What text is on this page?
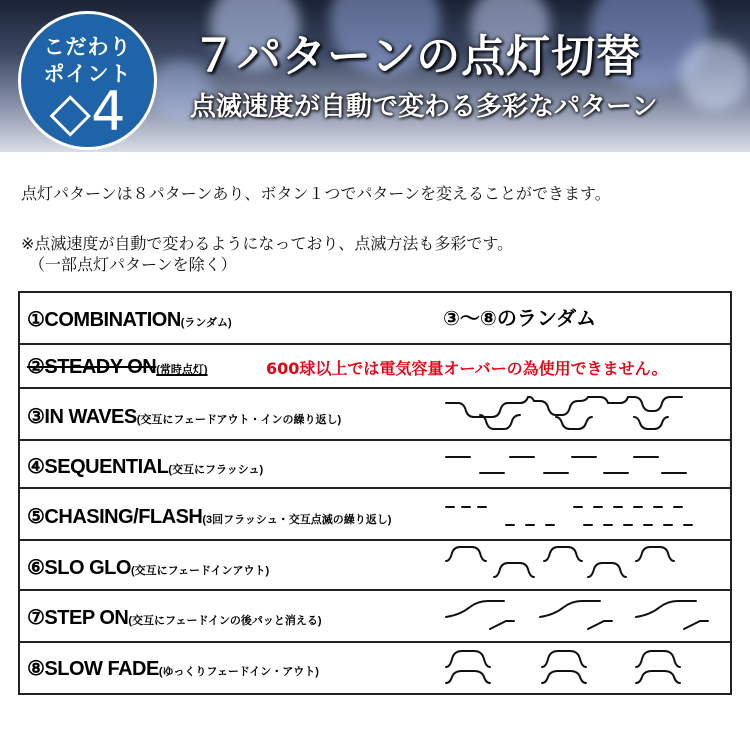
こだわり
ポイント
◇4
７パターンの点灯切替
点滅速度が自動で変わる多彩なパターン
点灯パターンは８パターンあり、ボタン１つでパターンを変えることができます。
※点滅速度が自動で変わるようになっており、点滅方法も多彩です。
（一部点灯パターンを除く）
①COMBINATION(ランダム)	③〜⑧のランダム
②STEADY ON(常時点灯)	600球以上では電気容量オーバーの為使用できません。
③IN WAVES(交互にフェードアウト・インの繰り返し)
④SEQUENTIAL(交互にフラッシュ)
⑤CHASING/FLASH(3回フラッシュ・交互点滅の繰り返し)
⑥SLO GLO(交互にフェードインアウト)
⑦STEP ON(交互にフェードインの後パッと消える)
⑧SLOW FADE(ゆっくりフェードイン・アウト)
